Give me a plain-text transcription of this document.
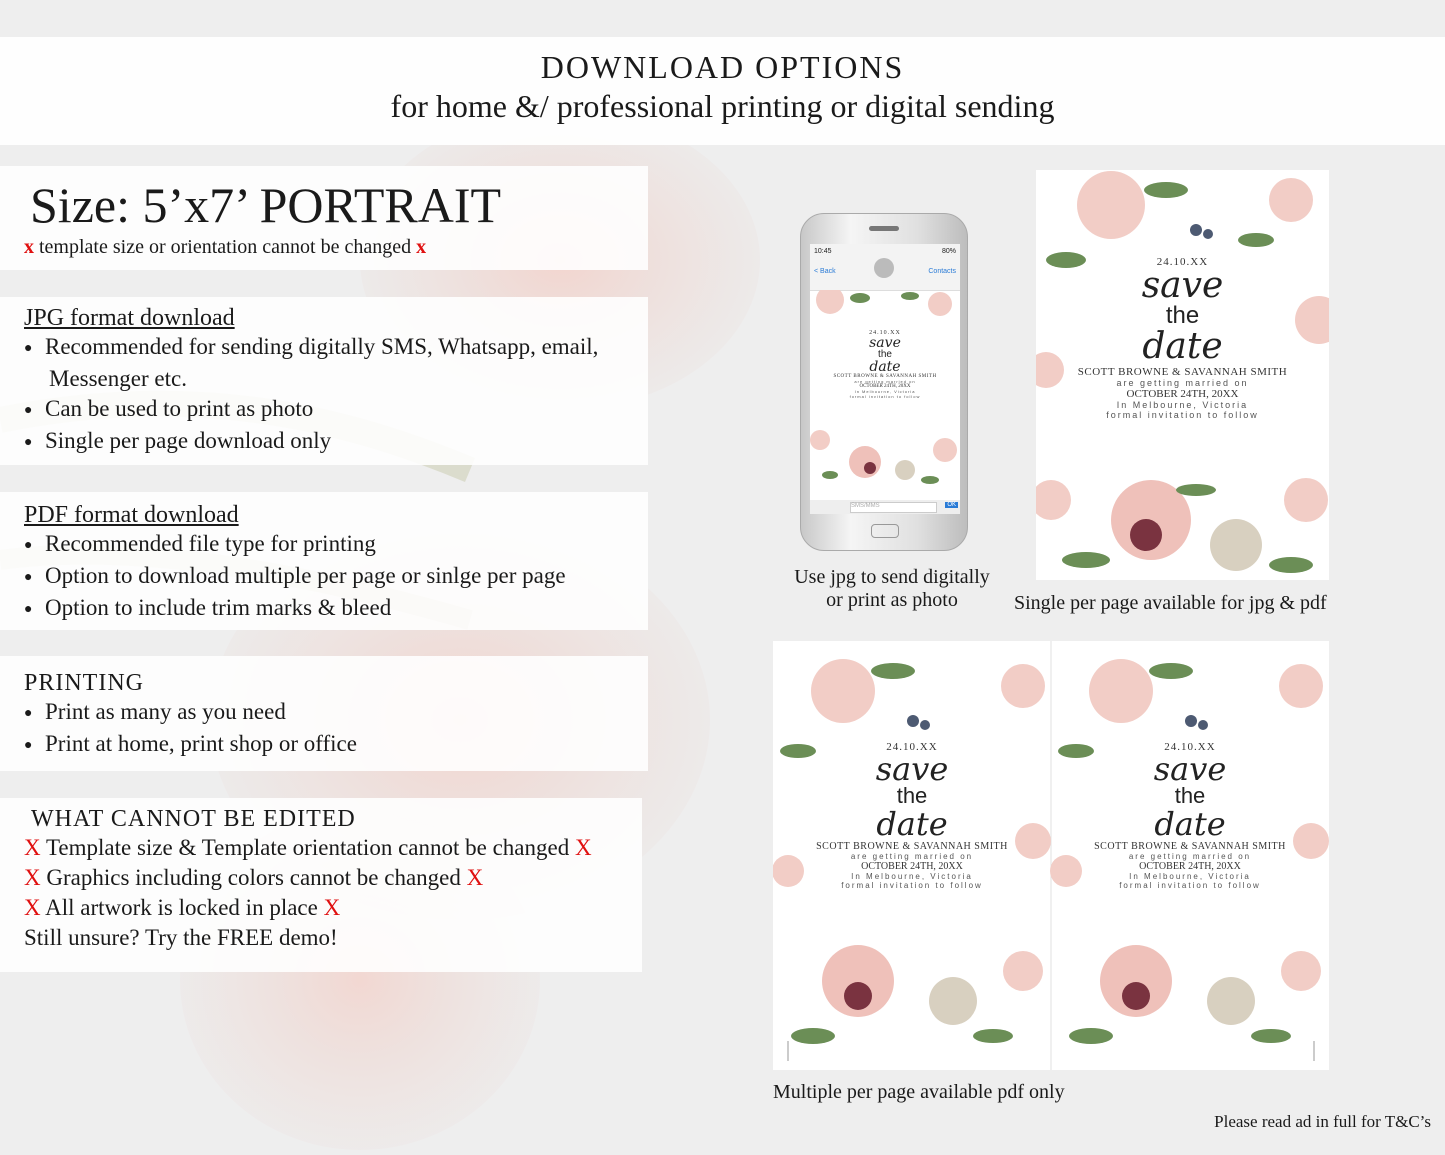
DOWNLOAD OPTIONS
for home &/ professional printing or digital sending
Size: 5’x7’ PORTRAIT
x template size or orientation cannot be changed x
JPG format download
● Recommended for sending digitally SMS, Whatsapp, email,
Messenger etc.
● Can be used to print as photo
● Single per page download only
PDF format download
● Recommended file type for printing
● Option to download multiple per page or sinlge per page
● Option to include trim marks & bleed
PRINTING
● Print as many as you need
● Print at home, print shop or office
WHAT CANNOT BE EDITED
X Template size & Template orientation cannot be changed X
X Graphics including colors cannot be changed X
X All artwork is locked in place X
Still unsure? Try the FREE demo!
10:45	80%
< Back	Contacts
24.10.XX
save
the
date
SCOTT BROWNE & SAVANNAH SMITH
are getting married on
OCTOBER 24TH, 20XX
In Melbourne, Victoria
formal invitation to follow
SMS/MMS	OK
Use jpg to send digitally
or print as photo
24.10.XX
save
the
date
SCOTT BROWNE & SAVANNAH SMITH
are getting married on
OCTOBER 24TH, 20XX
In Melbourne, Victoria
formal invitation to follow
Single per page available for jpg & pdf
24.10.XX
save
the
date
SCOTT BROWNE & SAVANNAH SMITH
are getting married on
OCTOBER 24TH, 20XX
In Melbourne, Victoria
formal invitation to follow
24.10.XX
save
the
date
SCOTT BROWNE & SAVANNAH SMITH
are getting married on
OCTOBER 24TH, 20XX
In Melbourne, Victoria
formal invitation to follow
Multiple per page available pdf only
Please read ad in full for T&C’s
